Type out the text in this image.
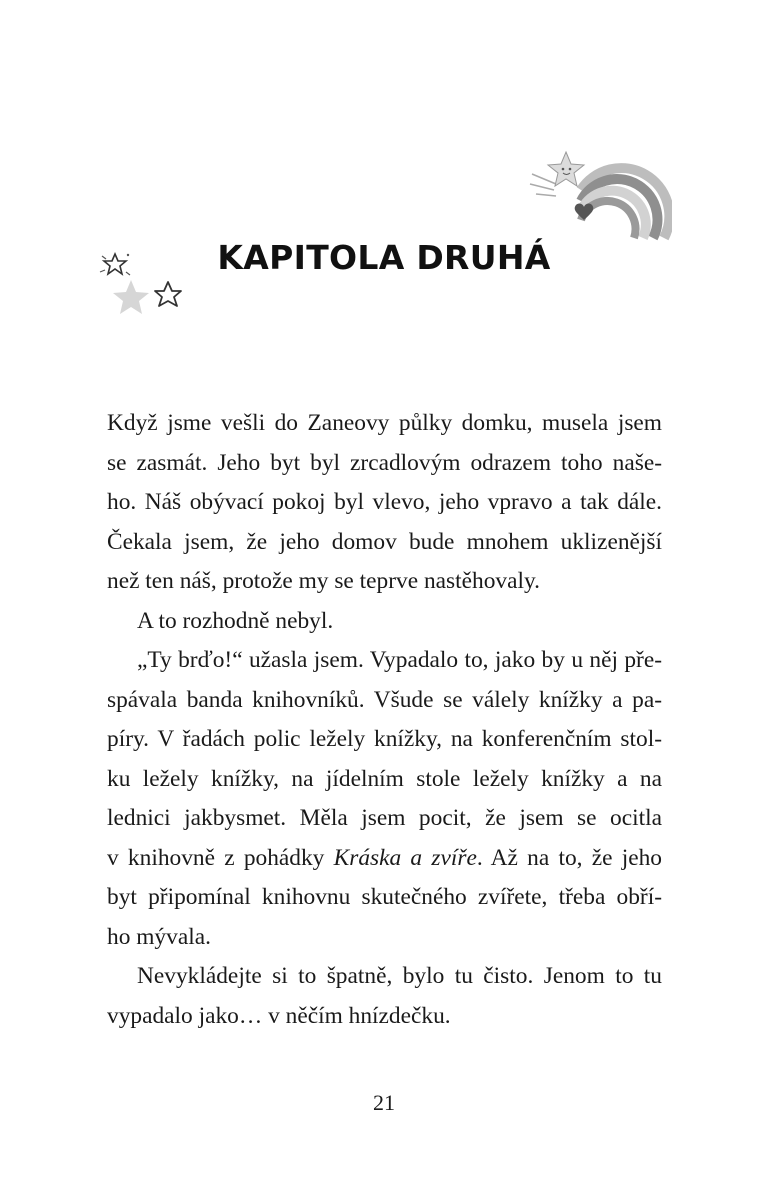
KAPITOLA DRUHÁ

Když jsme vešli do Zaneovy půlky domku, musela jsem
se zasmát. Jeho byt byl zrcadlovým odrazem toho naše-
ho. Náš obývací pokoj byl vlevo, jeho vpravo a tak dále.
Čekala jsem, že jeho domov bude mnohem uklizenější
než ten náš, protože my se teprve nastěhovaly.

A to rozhodně nebyl.

„Ty brďo!“ užasla jsem. Vypadalo to, jako by u něj pře-
spávala banda knihovníků. Všude se válely knížky a pa-
píry. V řadách polic ležely knížky, na konferenčním stol-
ku ležely knížky, na jídelním stole ležely knížky a na
lednici jakbysmet. Měla jsem pocit, že jsem se ocitla
v knihovně z pohádky Kráska a zvíře. Až na to, že jeho
byt připomínal knihovnu skutečného zvířete, třeba obří-
ho mývala.

Nevykládejte si to špatně, bylo tu čisto. Jenom to tu
vypadalo jako… v něčím hnízdečku.

21
